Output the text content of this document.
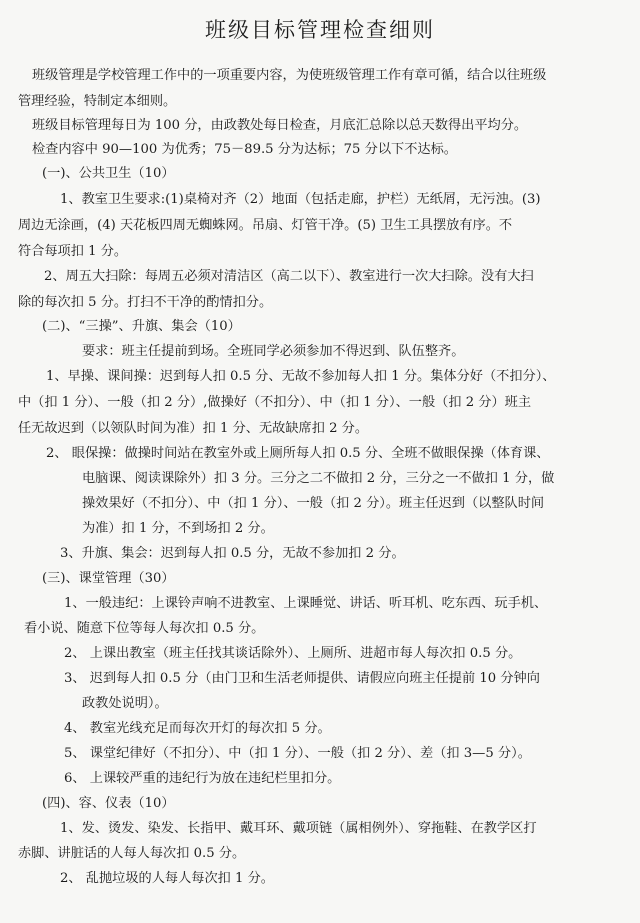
班级目标管理检查细则
班级管理是学校管理工作中的一项重要内容，为使班级管理工作有章可循，结合以往班级
管理经验，特制定本细则。
班级目标管理每日为 100 分，由政教处每日检查，月底汇总除以总天数得出平均分。
检查内容中 90—100 为优秀；75－89.5 分为达标；75 分以下不达标。
(一)、公共卫生（10）
1、教室卫生要求:(1)桌椅对齐（2）地面（包括走廊，护栏）无纸屑，无污浊。(3)
周边无涂画，(4) 天花板四周无蜘蛛网。吊扇、灯管干净。(5) 卫生工具摆放有序。不
符合每项扣 1 分。
2、周五大扫除：每周五必须对清洁区（高二以下）、教室进行一次大扫除。没有大扫
除的每次扣 5 分。打扫不干净的酌情扣分。
(二)、“三操”、升旗、集会（10）
要求：班主任提前到场。全班同学必须参加不得迟到、队伍整齐。
1、早操、课间操：迟到每人扣 0.5 分、无故不参加每人扣 1 分。集体分好（不扣分）、
中（扣 1 分）、一般（扣 2 分）,做操好（不扣分）、中（扣 1 分）、一般（扣 2 分）班主
任无故迟到（以领队时间为准）扣 1 分、无故缺席扣 2 分。
2、 眼保操：做操时间站在教室外或上厕所每人扣 0.5 分、全班不做眼保操（体育课、
电脑课、阅读课除外）扣 3 分。三分之二不做扣 2 分，三分之一不做扣 1 分，做
操效果好（不扣分）、中（扣 1 分）、一般（扣 2 分）。班主任迟到（以整队时间
为准）扣 1 分，不到场扣 2 分。
3、升旗、集会：迟到每人扣 0.5 分，无故不参加扣 2 分。
(三)、课堂管理（30）
1、一般违纪：上课铃声响不进教室、上课睡觉、讲话、听耳机、吃东西、玩手机、
看小说、随意下位等每人每次扣 0.5 分。
2、 上课出教室（班主任找其谈话除外）、上厕所、进超市每人每次扣 0.5 分。
3、 迟到每人扣 0.5 分（由门卫和生活老师提供、请假应向班主任提前 10 分钟向
政教处说明）。
4、 教室光线充足而每次开灯的每次扣 5 分。
5、 课堂纪律好（不扣分）、中（扣 1 分）、一般（扣 2 分）、差（扣 3—5 分）。
6、 上课较严重的违纪行为放在违纪栏里扣分。
(四)、容、仪表（10）
1、发、烫发、染发、长指甲、戴耳环、戴项链（属相例外）、穿拖鞋、在教学区打
赤脚、讲脏话的人每人每次扣 0.5 分。
2、 乱抛垃圾的人每人每次扣 1 分。
